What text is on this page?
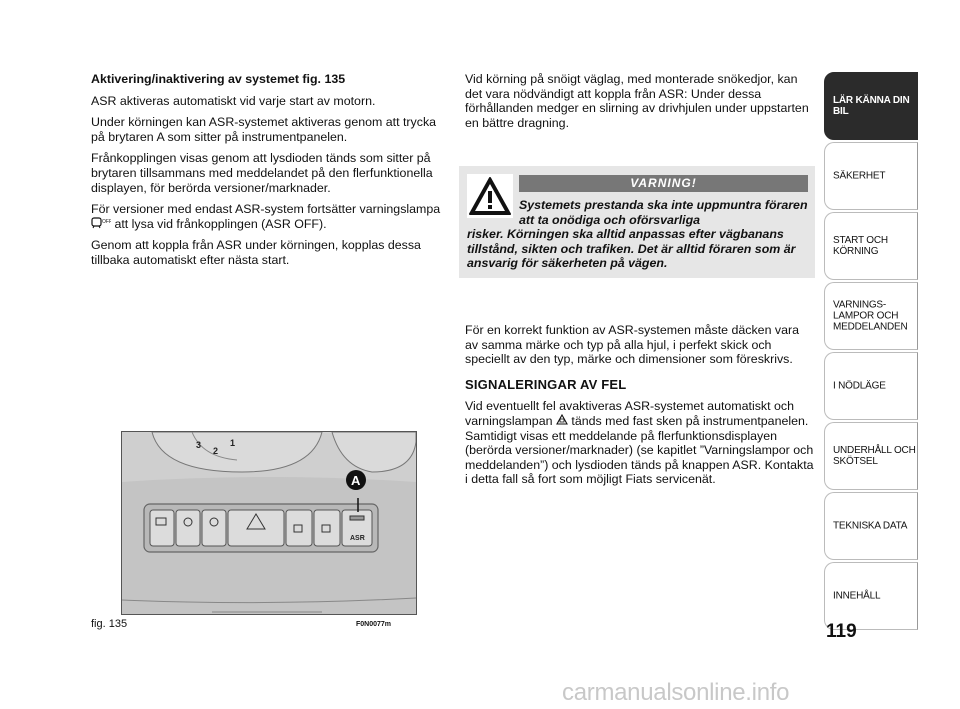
Aktivering/inaktivering av systemet fig. 135

ASR aktiveras automatiskt vid varje start av motorn.

Under körningen kan ASR-systemet aktiveras genom att trycka på brytaren A som sitter på instrumentpanelen.

Frånkopplingen visas genom att lysdioden tänds som sitter på brytaren tillsammans med meddelandet på den flerfunktionella displayen, för berörda versioner/marknader.

För versioner med endast ASR-system fortsätter varningslampa
OFF att lysa vid frånkopplingen (ASR OFF).

Genom att koppla från ASR under körningen, kopplas dessa tillbaka automatiskt efter nästa start.

Vid körning på snöigt väglag, med monterade snökedjor, kan det vara nödvändigt att koppla från ASR: Under dessa förhållanden medger en slirning av drivhjulen under uppstarten en bättre dragning.

VARNING!
Systemets prestanda ska inte uppmuntra föraren att ta onödiga och oförsvarliga
risker. Körningen ska alltid anpassas efter vägbanans tillstånd, sikten och trafiken. Det är alltid föraren som är ansvarig för säkerheten på vägen.

För en korrekt funktion av ASR-systemen måste däcken vara av samma märke och typ på alla hjul, i perfekt skick och speciellt av den typ, märke och dimensioner som föreskrivs.

SIGNALERINGAR AV FEL

Vid eventuellt fel avaktiveras ASR-systemet automatiskt och varningslampan tänds med fast sken på instrumentpanelen. Samtidigt visas ett meddelande på flerfunktionsdisplayen (berörda versioner/marknader) (se kapitlet ”Varningslampor och meddelanden”) och lysdioden tänds på knappen ASR. Kontakta i detta fall så fort som möjligt Fiats servicenät.

3
2
1
ASR
A
fig. 135	F0N0077m
LÄR KÄNNA DIN BIL
SÄKERHET
START OCH KÖRNING
VARNINGS-LAMPOR OCH MEDDELANDEN
I NÖDLÄGE
UNDERHÅLL OCH SKÖTSEL
TEKNISKA DATA
INNEHÅLL
119
carmanualsonline.info
